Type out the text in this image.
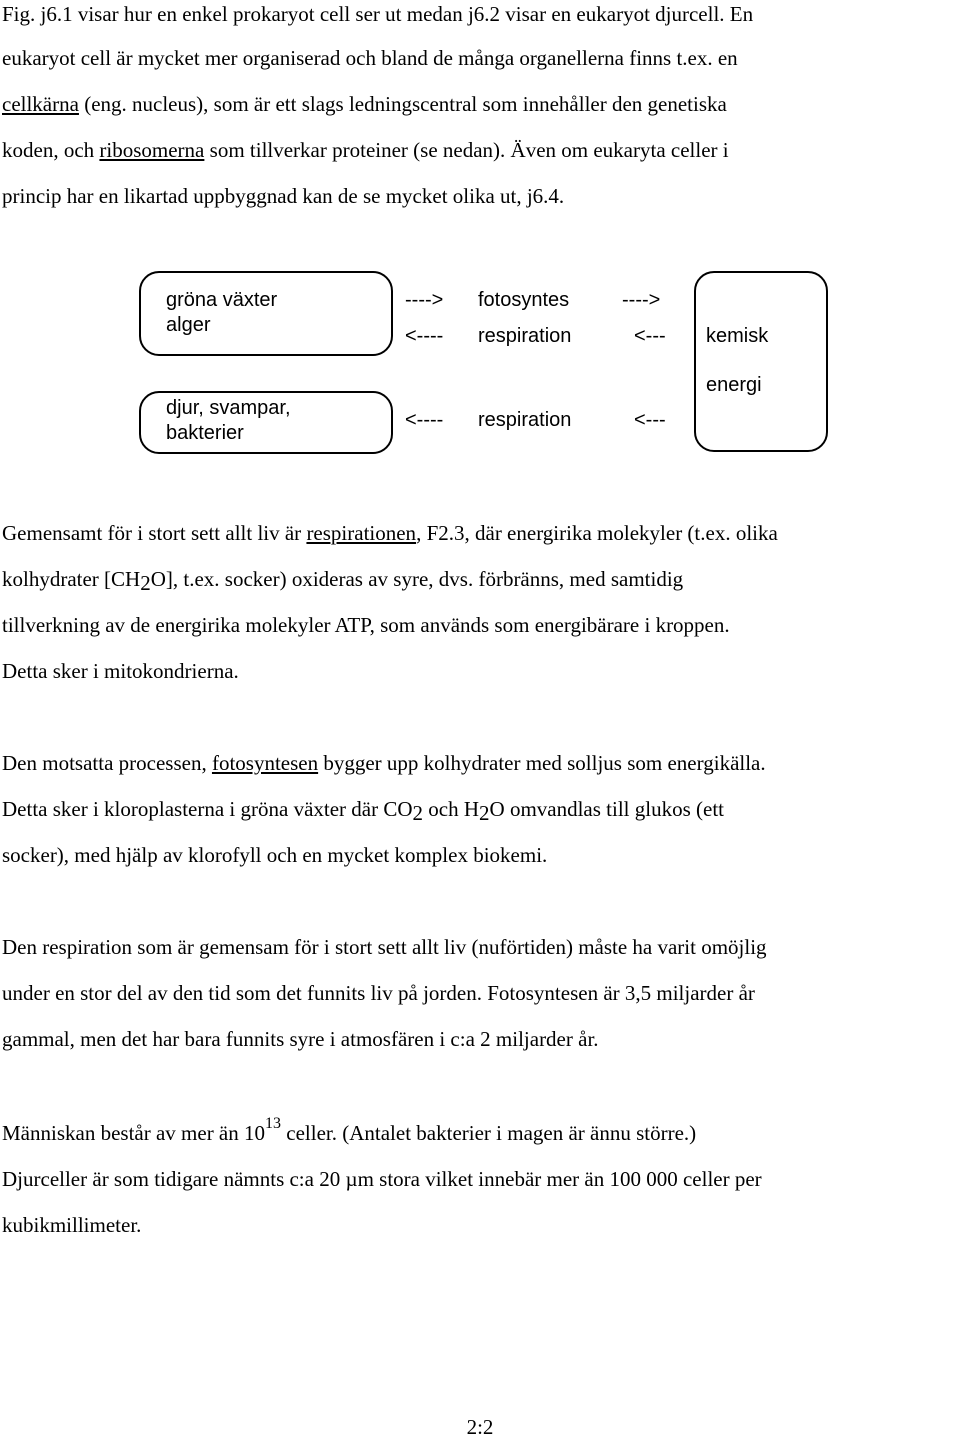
Fig. j6.1 visar hur en enkel prokaryot cell ser ut medan j6.2 visar en eukaryot djurcell. En

eukaryot cell är mycket mer organiserad och bland de många organellerna finns t.ex. en

cellkärna (eng. nucleus), som är ett slags ledningscentral som innehåller den genetiska

koden, och ribosomerna som tillverkar proteiner (se nedan). Även om eukaryta celler i

princip har en likartad uppbyggnad kan de se mycket olika ut, j6.4.

gröna växter
alger
djur, svampar,
bakterier
----> fotosyntes	---->
<---- respiration	<--- kemisk
energi
<---- respiration	<---

Gemensamt för i stort sett allt liv är respirationen, F2.3, där energirika molekyler (t.ex. olika

kolhydrater [CH2O], t.ex. socker) oxideras av syre, dvs. förbränns, med samtidig

tillverkning av de energirika molekyler ATP, som används som energibärare i kroppen.

Detta sker i mitokondrierna.

Den motsatta processen, fotosyntesen bygger upp kolhydrater med solljus som energikälla.

Detta sker i kloroplasterna i gröna växter där CO2 och H2O omvandlas till glukos (ett

socker), med hjälp av klorofyll och en mycket komplex biokemi.

Den respiration som är gemensam för i stort sett allt liv (nuförtiden) måste ha varit omöjlig

under en stor del av den tid som det funnits liv på jorden. Fotosyntesen är 3,5 miljarder år

gammal, men det har bara funnits syre i atmosfären i c:a 2 miljarder år.

Människan består av mer än $10^{13}$ celler. (Antalet bakterier i magen är ännu större.)

Djurceller är som tidigare nämnts c:a 20 µm stora vilket innebär mer än 100 000 celler per

kubikmillimeter.

2:2
